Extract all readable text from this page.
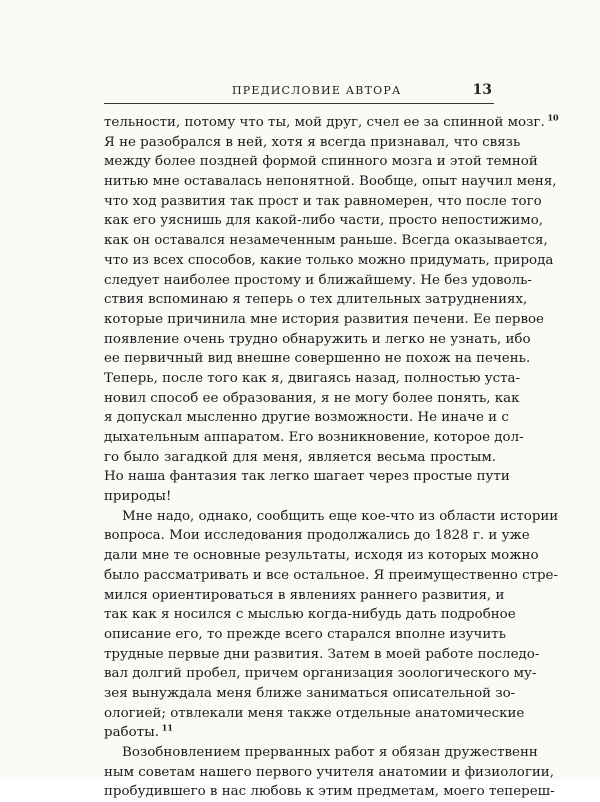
ПРЕДИСЛОВИЕ АВТОРА	13
тельности, потому что ты, мой друг, счел ее за спинной мозг. $^{10}$
Я не разобрался в ней, хотя я всегда признавал, что связь
между более поздней формой спинного мозга и этой темной
нитью мне оставалась непонятной. Вообще, опыт научил меня,
что ход развития так прост и так равномерен, что после того
как его уяснишь для какой-либо части, просто непостижимо,
как он оставался незамеченным раньше. Всегда оказывается,
что из всех способов, какие только можно придумать, природа
следует наиболее простому и ближайшему. Не без удоволь-
ствия вспоминаю я теперь о тех длительных затруднениях,
которые причинила мне история развития печени. Ее первое
появление очень трудно обнаружить и легко не узнать, ибо
ее первичный вид внешне совершенно не похож на печень.
Теперь, после того как я, двигаясь назад, полностью уста-
новил способ ее образования, я не могу более понять, как
я допускал мысленно другие возможности. Не иначе и с
дыхательным аппаратом. Его возникновение, которое дол-
го было загадкой для меня, является весьма простым.
Но наша фантазия так легко шагает через простые пути
природы!
Мне надо, однако, сообщить еще кое-что из области истории
вопроса. Мои исследования продолжались до 1828 г. и уже
дали мне те основные результаты, исходя из которых можно
было рассматривать и все остальное. Я преимущественно стре-
мился ориентироваться в явлениях раннего развития, и
так как я носился с мыслью когда-нибудь дать подробное
описание его, то прежде всего старался вполне изучить
трудные первые дни развития. Затем в моей работе последо-
вал долгий пробел, причем организация зоологического му-
зея вынуждала меня ближе заниматься описательной зо-
ологией; отвлекали меня также отдельные анатомические
работы. $^{11}$
Возобновлением прерванных работ я обязан дружественн
ным советам нашего первого учителя анатомии и физиологии,
пробудившего в нас любовь к этим предметам, моего тепереш-
